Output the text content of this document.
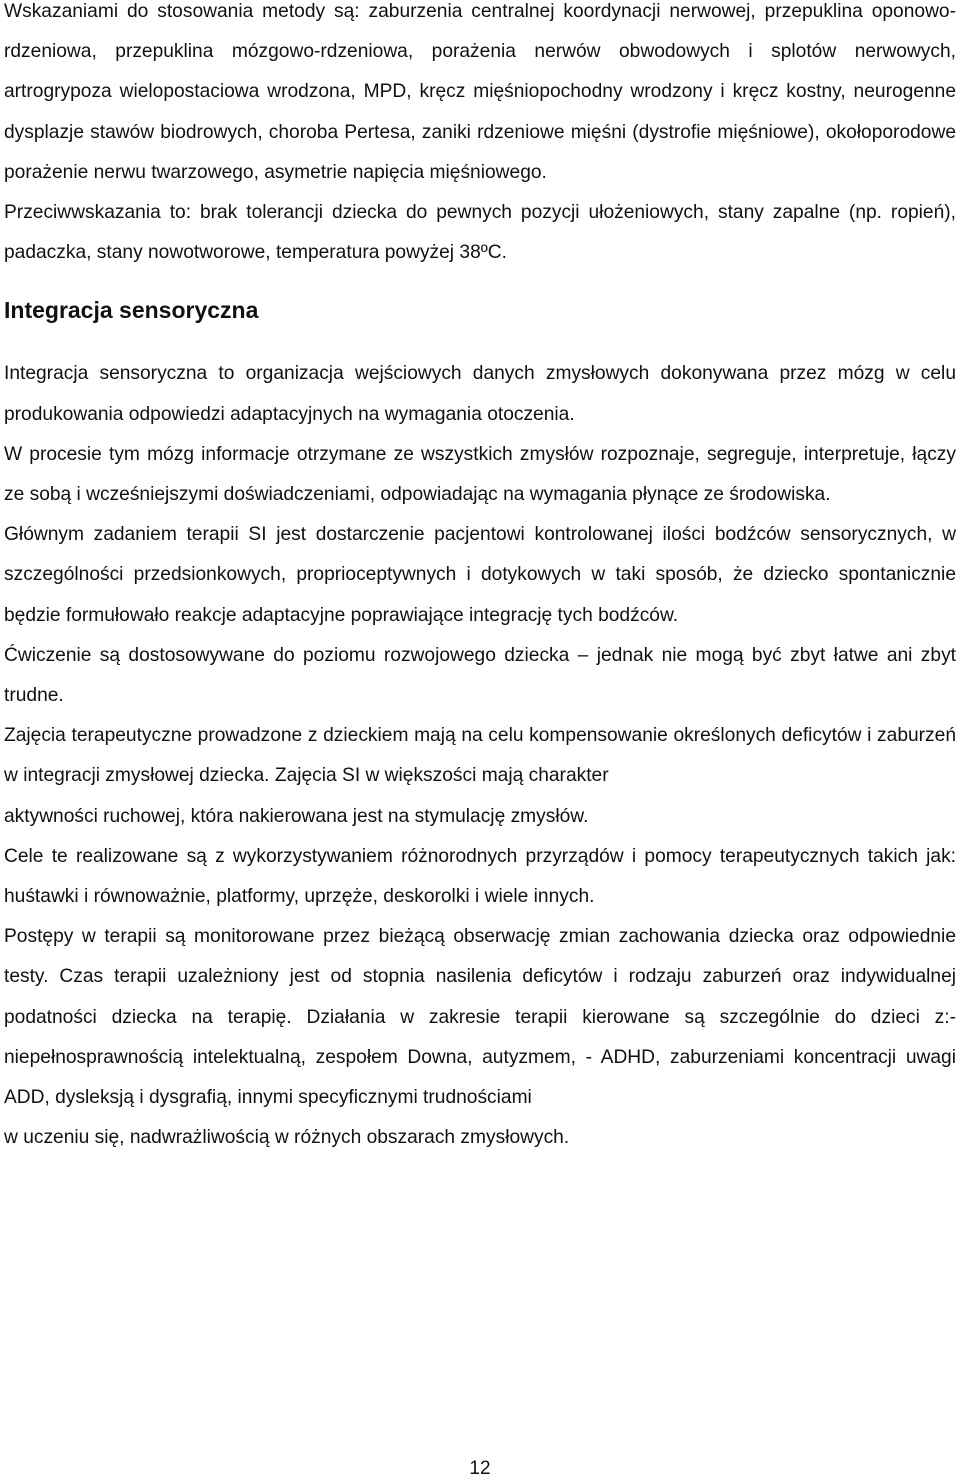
Wskazaniami do stosowania metody są: zaburzenia centralnej koordynacji nerwowej, przepuklina oponowo-rdzeniowa, przepuklina mózgowo-rdzeniowa, porażenia nerwów obwodowych i splotów nerwowych, artrogrypoza wielopostaciowa wrodzona, MPD, kręcz mięśniopochodny wrodzony i kręcz kostny, neurogenne dysplazje stawów biodrowych, choroba Pertesa, zaniki rdzeniowe mięśni (dystrofie mięśniowe), okołoporodowe porażenie nerwu twarzowego, asymetrie napięcia mięśniowego.

Przeciwwskazania to: brak tolerancji dziecka do pewnych pozycji ułożeniowych, stany zapalne (np. ropień), padaczka, stany nowotworowe, temperatura powyżej 38ºC.

Integracja sensoryczna

Integracja sensoryczna to organizacja wejściowych danych zmysłowych dokonywana przez mózg w celu produkowania odpowiedzi adaptacyjnych na wymagania otoczenia.

W procesie tym mózg informacje otrzymane ze wszystkich zmysłów rozpoznaje, segreguje, interpretuje, łączy ze sobą i wcześniejszymi doświadczeniami, odpowiadając na wymagania płynące ze środowiska.

Głównym zadaniem terapii SI jest dostarczenie pacjentowi kontrolowanej ilości bodźców sensorycznych, w szczególności przedsionkowych, proprioceptywnych i dotykowych w taki sposób, że dziecko spontanicznie będzie formułowało reakcje adaptacyjne poprawiające integrację tych bodźców.

Ćwiczenie są dostosowywane do poziomu rozwojowego dziecka – jednak nie mogą być zbyt łatwe ani zbyt trudne.

Zajęcia terapeutyczne prowadzone z dzieckiem mają na celu kompensowanie określonych deficytów i zaburzeń w integracji zmysłowej dziecka. Zajęcia SI w większości mają charakter

aktywności ruchowej, która nakierowana jest na stymulację zmysłów.

Cele te realizowane są z wykorzystywaniem różnorodnych przyrządów i pomocy terapeutycznych takich jak: huśtawki i równoważnie, platformy, uprzęże, deskorolki i wiele innych.

Postępy w terapii są monitorowane przez bieżącą obserwację zmian zachowania dziecka oraz odpowiednie testy. Czas terapii uzależniony jest od stopnia nasilenia deficytów i rodzaju zaburzeń oraz indywidualnej podatności dziecka na terapię. Działania w zakresie terapii kierowane są szczególnie do dzieci z:- niepełnosprawnością intelektualną, zespołem Downa, autyzmem, - ADHD, zaburzeniami koncentracji uwagi ADD, dysleksją i dysgrafią, innymi specyficznymi trudnościami

w uczeniu się, nadwrażliwością w różnych obszarach zmysłowych.

12
